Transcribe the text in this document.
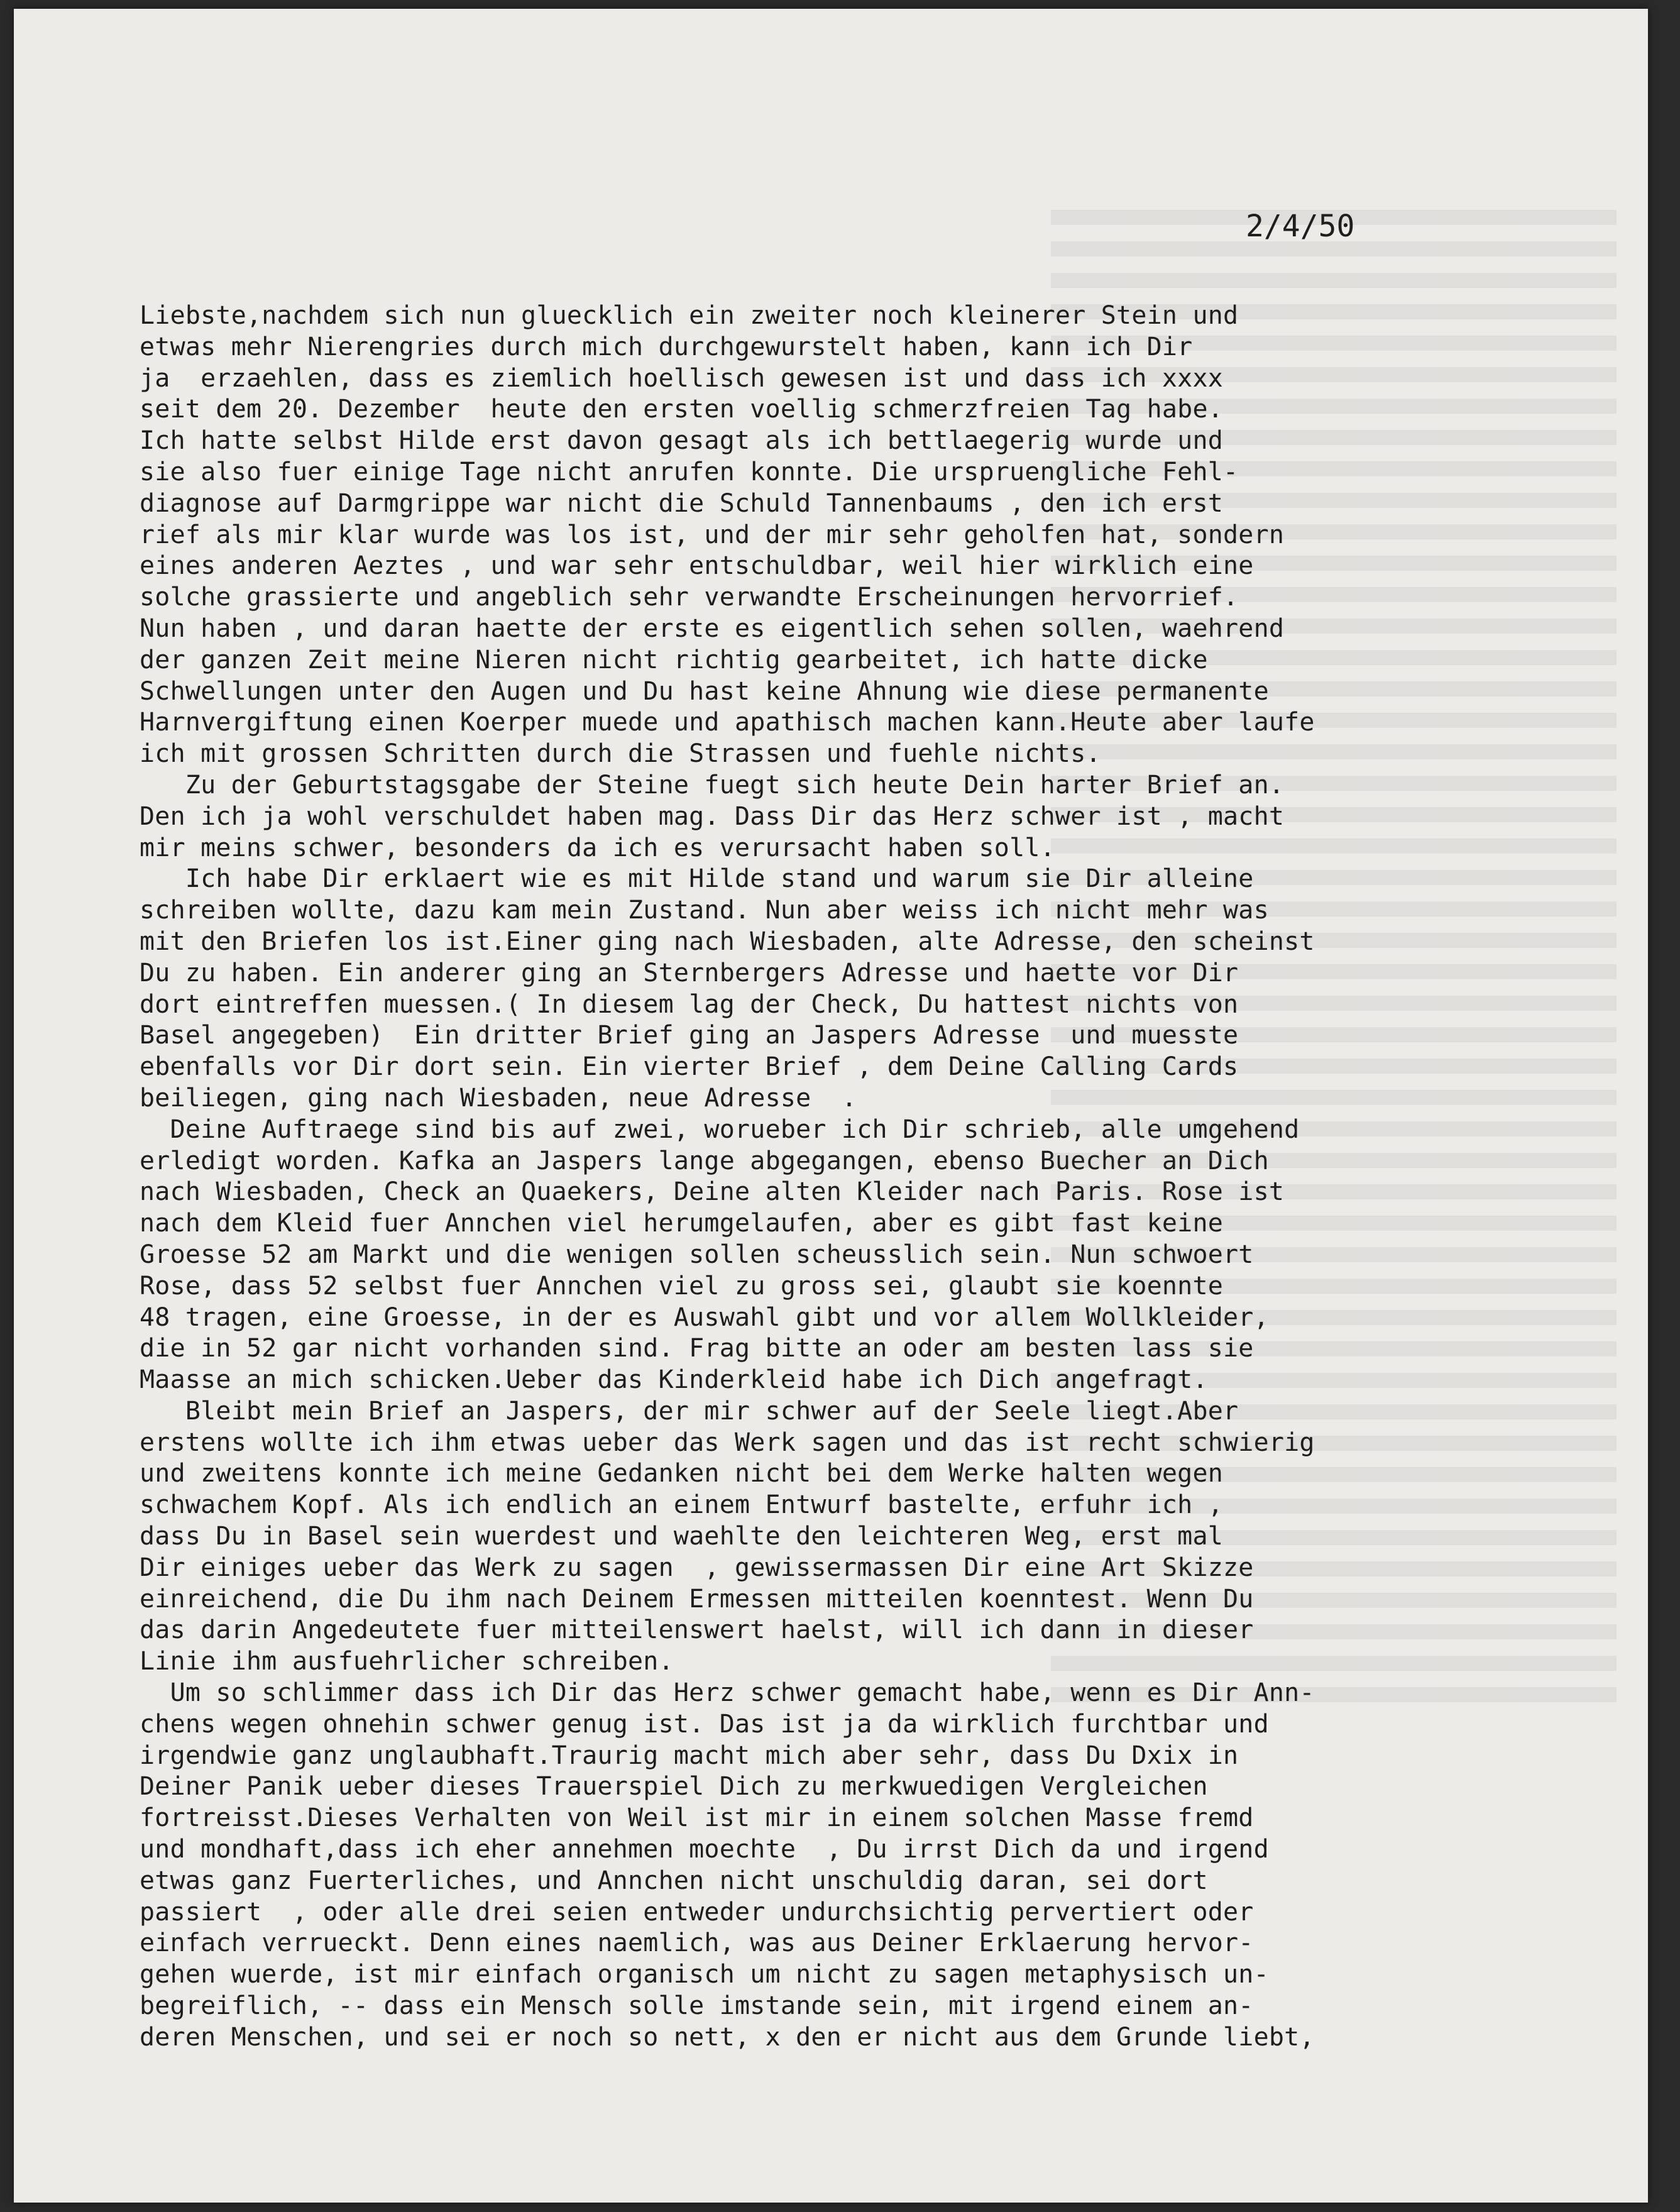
2/4/50
Liebste,nachdem sich nun gluecklich ein zweiter noch kleinerer Stein und
etwas mehr Nierengries durch mich durchgewurstelt haben, kann ich Dir
ja  erzaehlen, dass es ziemlich hoellisch gewesen ist und dass ich xxxx
seit dem 20. Dezember  heute den ersten voellig schmerzfreien Tag habe.
Ich hatte selbst Hilde erst davon gesagt als ich bettlaegerig wurde und
sie also fuer einige Tage nicht anrufen konnte. Die urspruengliche Fehl-
diagnose auf Darmgrippe war nicht die Schuld Tannenbaums , den ich erst
rief als mir klar wurde was los ist, und der mir sehr geholfen hat, sondern
eines anderen Aeztes , und war sehr entschuldbar, weil hier wirklich eine
solche grassierte und angeblich sehr verwandte Erscheinungen hervorrief.
Nun haben , und daran haette der erste es eigentlich sehen sollen, waehrend
der ganzen Zeit meine Nieren nicht richtig gearbeitet, ich hatte dicke
Schwellungen unter den Augen und Du hast keine Ahnung wie diese permanente
Harnvergiftung einen Koerper muede und apathisch machen kann.Heute aber laufe
ich mit grossen Schritten durch die Strassen und fuehle nichts.
Zu der Geburtstagsgabe der Steine fuegt sich heute Dein harter Brief an.
Den ich ja wohl verschuldet haben mag. Dass Dir das Herz schwer ist , macht
mir meins schwer, besonders da ich es verursacht haben soll.
Ich habe Dir erklaert wie es mit Hilde stand und warum sie Dir alleine
schreiben wollte, dazu kam mein Zustand. Nun aber weiss ich nicht mehr was
mit den Briefen los ist.Einer ging nach Wiesbaden, alte Adresse, den scheinst
Du zu haben. Ein anderer ging an Sternbergers Adresse und haette vor Dir
dort eintreffen muessen.( In diesem lag der Check, Du hattest nichts von
Basel angegeben)  Ein dritter Brief ging an Jaspers Adresse  und muesste
ebenfalls vor Dir dort sein. Ein vierter Brief , dem Deine Calling Cards
beiliegen, ging nach Wiesbaden, neue Adresse  .
Deine Auftraege sind bis auf zwei, worueber ich Dir schrieb, alle umgehend
erledigt worden. Kafka an Jaspers lange abgegangen, ebenso Buecher an Dich
nach Wiesbaden, Check an Quaekers, Deine alten Kleider nach Paris. Rose ist
nach dem Kleid fuer Annchen viel herumgelaufen, aber es gibt fast keine
Groesse 52 am Markt und die wenigen sollen scheusslich sein. Nun schwoert
Rose, dass 52 selbst fuer Annchen viel zu gross sei, glaubt sie koennte
48 tragen, eine Groesse, in der es Auswahl gibt und vor allem Wollkleider,
die in 52 gar nicht vorhanden sind. Frag bitte an oder am besten lass sie
Maasse an mich schicken.Ueber das Kinderkleid habe ich Dich angefragt.
Bleibt mein Brief an Jaspers, der mir schwer auf der Seele liegt.Aber
erstens wollte ich ihm etwas ueber das Werk sagen und das ist recht schwierig
und zweitens konnte ich meine Gedanken nicht bei dem Werke halten wegen
schwachem Kopf. Als ich endlich an einem Entwurf bastelte, erfuhr ich ,
dass Du in Basel sein wuerdest und waehlte den leichteren Weg, erst mal
Dir einiges ueber das Werk zu sagen  , gewissermassen Dir eine Art Skizze
einreichend, die Du ihm nach Deinem Ermessen mitteilen koenntest. Wenn Du
das darin Angedeutete fuer mitteilenswert haelst, will ich dann in dieser
Linie ihm ausfuehrlicher schreiben.
Um so schlimmer dass ich Dir das Herz schwer gemacht habe, wenn es Dir Ann-
chens wegen ohnehin schwer genug ist. Das ist ja da wirklich furchtbar und
irgendwie ganz unglaubhaft.Traurig macht mich aber sehr, dass Du Dxix in
Deiner Panik ueber dieses Trauerspiel Dich zu merkwuedigen Vergleichen
fortreisst.Dieses Verhalten von Weil ist mir in einem solchen Masse fremd
und mondhaft,dass ich eher annehmen moechte  , Du irrst Dich da und irgend
etwas ganz Fuerterliches, und Annchen nicht unschuldig daran, sei dort
passiert  , oder alle drei seien entweder undurchsichtig pervertiert oder
einfach verrueckt. Denn eines naemlich, was aus Deiner Erklaerung hervor-
gehen wuerde, ist mir einfach organisch um nicht zu sagen metaphysisch un-
begreiflich, -- dass ein Mensch solle imstande sein, mit irgend einem an-
deren Menschen, und sei er noch so nett, x den er nicht aus dem Grunde liebt,
